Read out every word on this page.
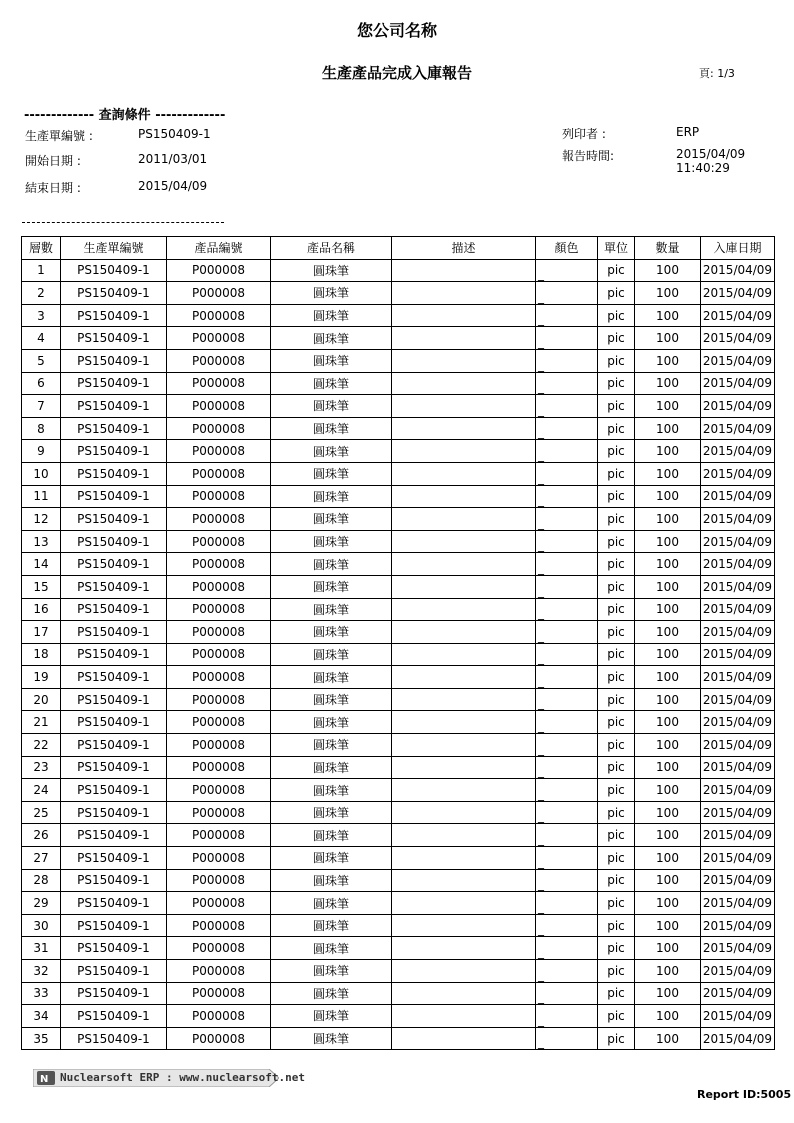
您公司名称
生產產品完成入庫報告	頁: 1/3
------------- 查詢條件 -------------
生產單編號 :	PS150409-1
開始日期 :	2011/03/01
結束日期 :	2015/04/09
列印者 :	ERP
報告時間:	2015/04/09 11:40:29
層數	生產單編號	產品編號	產品名稱	描述	顏色	單位	數量	入庫日期
1	PS150409-1	P000008	圓珠筆		_	pic	100	2015/04/09
2	PS150409-1	P000008	圓珠筆		_	pic	100	2015/04/09
3	PS150409-1	P000008	圓珠筆		_	pic	100	2015/04/09
4	PS150409-1	P000008	圓珠筆		_	pic	100	2015/04/09
5	PS150409-1	P000008	圓珠筆		_	pic	100	2015/04/09
6	PS150409-1	P000008	圓珠筆		_	pic	100	2015/04/09
7	PS150409-1	P000008	圓珠筆		_	pic	100	2015/04/09
8	PS150409-1	P000008	圓珠筆		_	pic	100	2015/04/09
9	PS150409-1	P000008	圓珠筆		_	pic	100	2015/04/09
10	PS150409-1	P000008	圓珠筆		_	pic	100	2015/04/09
11	PS150409-1	P000008	圓珠筆		_	pic	100	2015/04/09
12	PS150409-1	P000008	圓珠筆		_	pic	100	2015/04/09
13	PS150409-1	P000008	圓珠筆		_	pic	100	2015/04/09
14	PS150409-1	P000008	圓珠筆		_	pic	100	2015/04/09
15	PS150409-1	P000008	圓珠筆		_	pic	100	2015/04/09
16	PS150409-1	P000008	圓珠筆		_	pic	100	2015/04/09
17	PS150409-1	P000008	圓珠筆		_	pic	100	2015/04/09
18	PS150409-1	P000008	圓珠筆		_	pic	100	2015/04/09
19	PS150409-1	P000008	圓珠筆		_	pic	100	2015/04/09
20	PS150409-1	P000008	圓珠筆		_	pic	100	2015/04/09
21	PS150409-1	P000008	圓珠筆		_	pic	100	2015/04/09
22	PS150409-1	P000008	圓珠筆		_	pic	100	2015/04/09
23	PS150409-1	P000008	圓珠筆		_	pic	100	2015/04/09
24	PS150409-1	P000008	圓珠筆		_	pic	100	2015/04/09
25	PS150409-1	P000008	圓珠筆		_	pic	100	2015/04/09
26	PS150409-1	P000008	圓珠筆		_	pic	100	2015/04/09
27	PS150409-1	P000008	圓珠筆		_	pic	100	2015/04/09
28	PS150409-1	P000008	圓珠筆		_	pic	100	2015/04/09
29	PS150409-1	P000008	圓珠筆		_	pic	100	2015/04/09
30	PS150409-1	P000008	圓珠筆		_	pic	100	2015/04/09
31	PS150409-1	P000008	圓珠筆		_	pic	100	2015/04/09
32	PS150409-1	P000008	圓珠筆		_	pic	100	2015/04/09
33	PS150409-1	P000008	圓珠筆		_	pic	100	2015/04/09
34	PS150409-1	P000008	圓珠筆		_	pic	100	2015/04/09
35	PS150409-1	P000008	圓珠筆		_	pic	100	2015/04/09
N Nuclearsoft ERP : www.nuclearsoft.net
Report ID:5005
